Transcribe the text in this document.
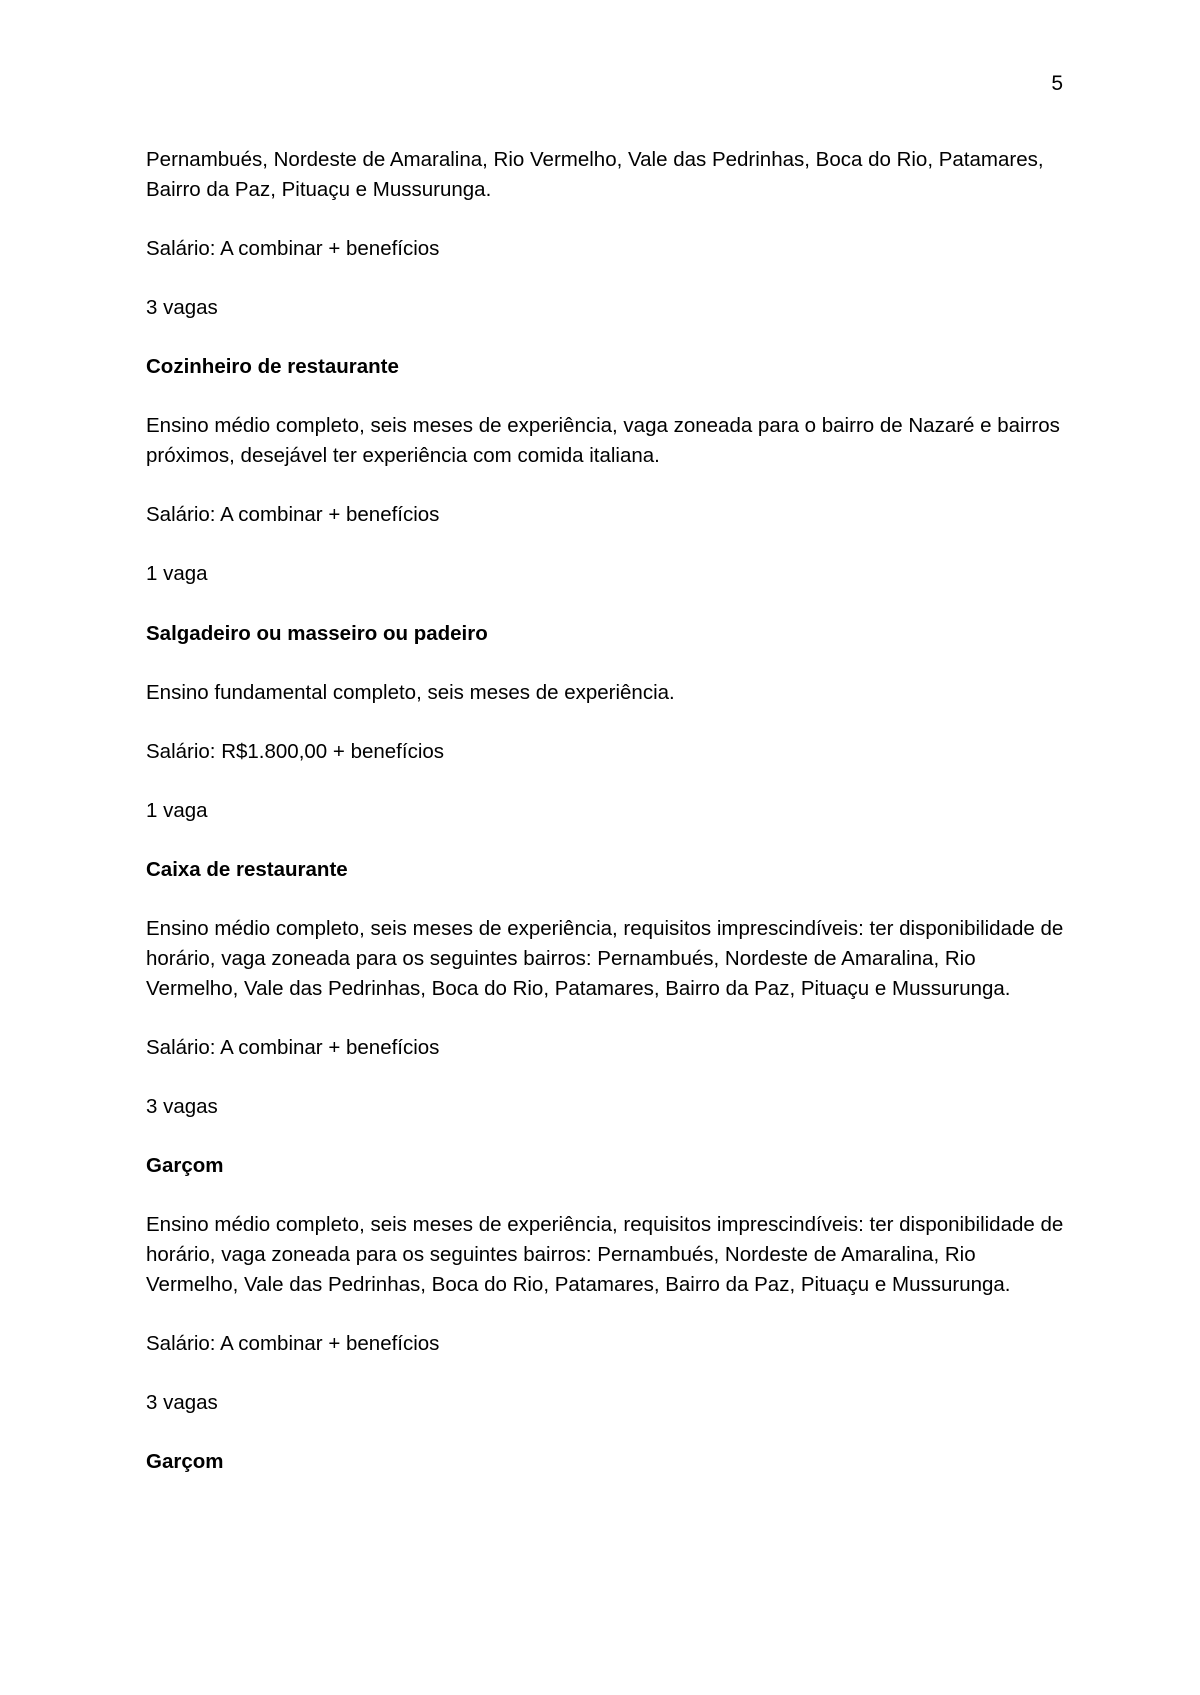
5

Pernambués, Nordeste de Amaralina, Rio Vermelho, Vale das Pedrinhas, Boca do Rio, Patamares, Bairro da Paz, Pituaçu e Mussurunga.

Salário: A combinar + benefícios

3 vagas

Cozinheiro de restaurante

Ensino médio completo, seis meses de experiência, vaga zoneada para o bairro de Nazaré e bairros próximos, desejável ter experiência com comida italiana.

Salário: A combinar + benefícios

1 vaga

Salgadeiro ou masseiro ou padeiro

Ensino fundamental completo, seis meses de experiência.

Salário: R$1.800,00 + benefícios

1 vaga

Caixa de restaurante

Ensino médio completo, seis meses de experiência, requisitos imprescindíveis: ter disponibilidade de horário, vaga zoneada para os seguintes bairros: Pernambués, Nordeste de Amaralina, Rio Vermelho, Vale das Pedrinhas, Boca do Rio, Patamares, Bairro da Paz, Pituaçu e Mussurunga.

Salário: A combinar + benefícios

3 vagas

Garçom

Ensino médio completo, seis meses de experiência, requisitos imprescindíveis: ter disponibilidade de horário, vaga zoneada para os seguintes bairros: Pernambués, Nordeste de Amaralina, Rio Vermelho, Vale das Pedrinhas, Boca do Rio, Patamares, Bairro da Paz, Pituaçu e Mussurunga.

Salário: A combinar + benefícios

3 vagas

Garçom
